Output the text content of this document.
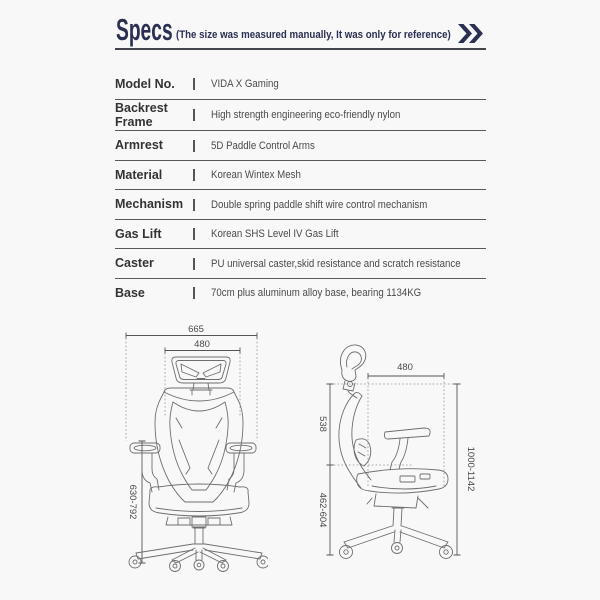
Specs (The size was measured manually, It was only for reference)
Model No.	VIDA X Gaming
Backrest Frame	High strength engineering eco-friendly nylon
Armrest	5D Paddle Control Arms
Material	Korean Wintex Mesh
Mechanism	Double spring paddle shift wire control mechanism
Gas Lift	Korean SHS Level IV Gas Lift
Caster	PU universal caster,skid resistance and scratch resistance
Base	70cm plus aluminum alloy base, bearing 1134KG
665
480
630-792
480
538
462-604
1000-1142
